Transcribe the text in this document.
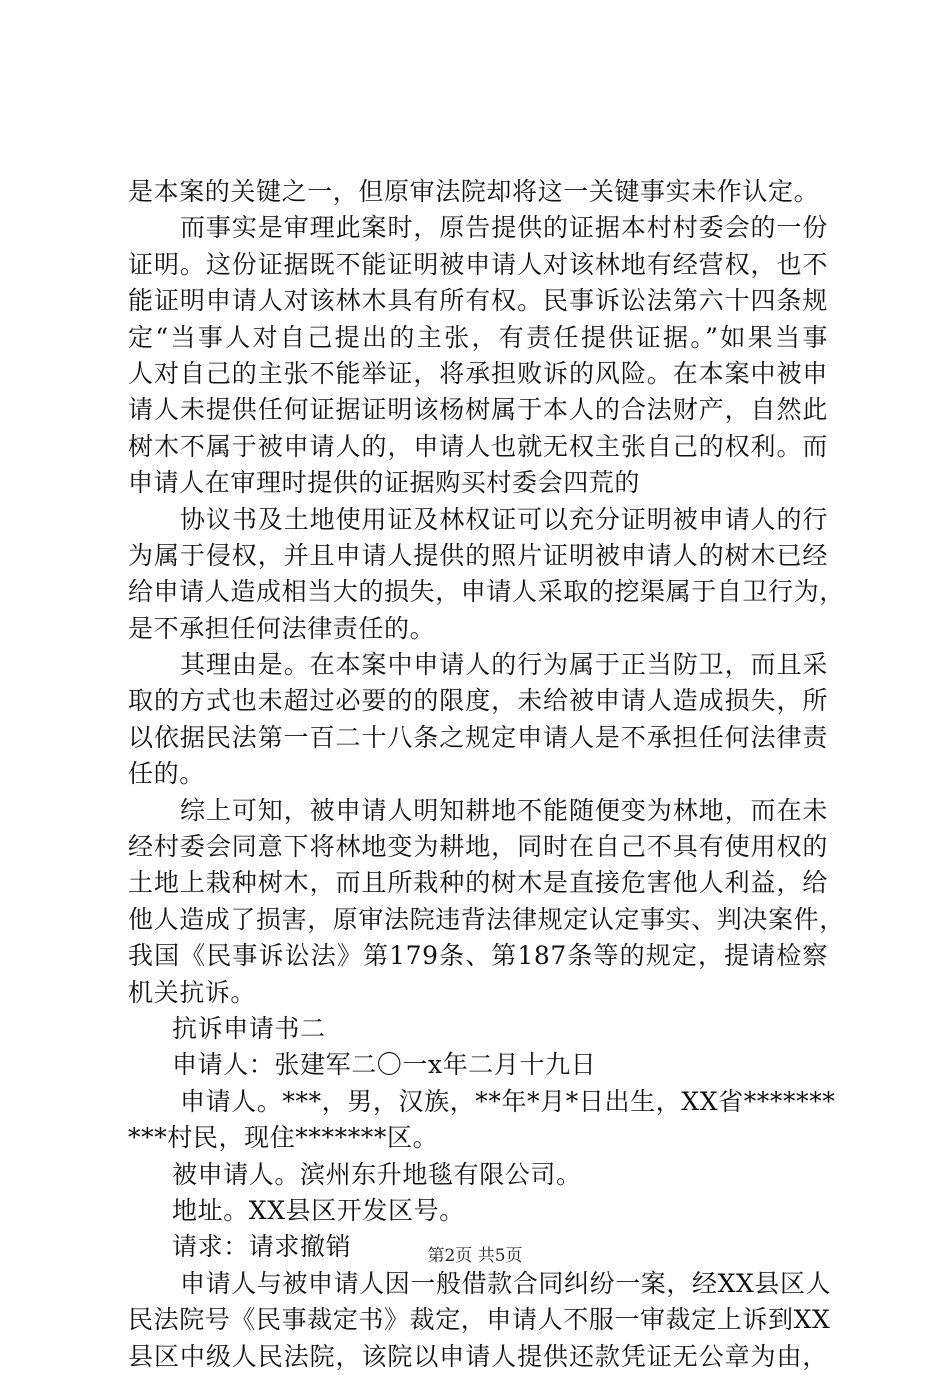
是本案的关键之一，但原审法院却将这一关键事实未作认定。

而事实是审理此案时，原告提供的证据本村村委会的一份

证明。这份证据既不能证明被申请人对该林地有经营权，也不

能证明申请人对该林木具有所有权。民事诉讼法第六十四条规

定“当事人对自己提出的主张，有责任提供证据。”如果当事

人对自己的主张不能举证，将承担败诉的风险。在本案中被申

请人未提供任何证据证明该杨树属于本人的合法财产，自然此

树木不属于被申请人的，申请人也就无权主张自己的权利。而

申请人在审理时提供的证据购买村委会四荒的

协议书及土地使用证及林权证可以充分证明被申请人的行

为属于侵权，并且申请人提供的照片证明被申请人的树木已经

给申请人造成相当大的损失，申请人采取的挖渠属于自卫行为，

是不承担任何法律责任的。

其理由是。在本案中申请人的行为属于正当防卫，而且采

取的方式也未超过必要的的限度，未给被申请人造成损失，所

以依据民法第一百二十八条之规定申请人是不承担任何法律责

任的。

综上可知，被申请人明知耕地不能随便变为林地，而在未

经村委会同意下将林地变为耕地，同时在自己不具有使用权的

土地上栽种树木，而且所栽种的树木是直接危害他人利益，给

他人造成了损害，原审法院违背法律规定认定事实、判决案件，

我国《民事诉讼法》第179条、第187条等的规定，提请检察

机关抗诉。

抗诉申请书二

申请人：张建军二〇一x年二月十九日

申请人。***，男，汉族，**年*月*日出生，XX省*******

***村民，现住*******区。

被申请人。滨州东升地毯有限公司。

地址。XX县区开发区号。

请求：请求撤销

申请人与被申请人因一般借款合同纠纷一案，经XX县区人

民法院号《民事裁定书》裁定，申请人不服一审裁定上诉到XX

县区中级人民法院，该院以申请人提供还款凭证无公章为由，

第2页 共5页
